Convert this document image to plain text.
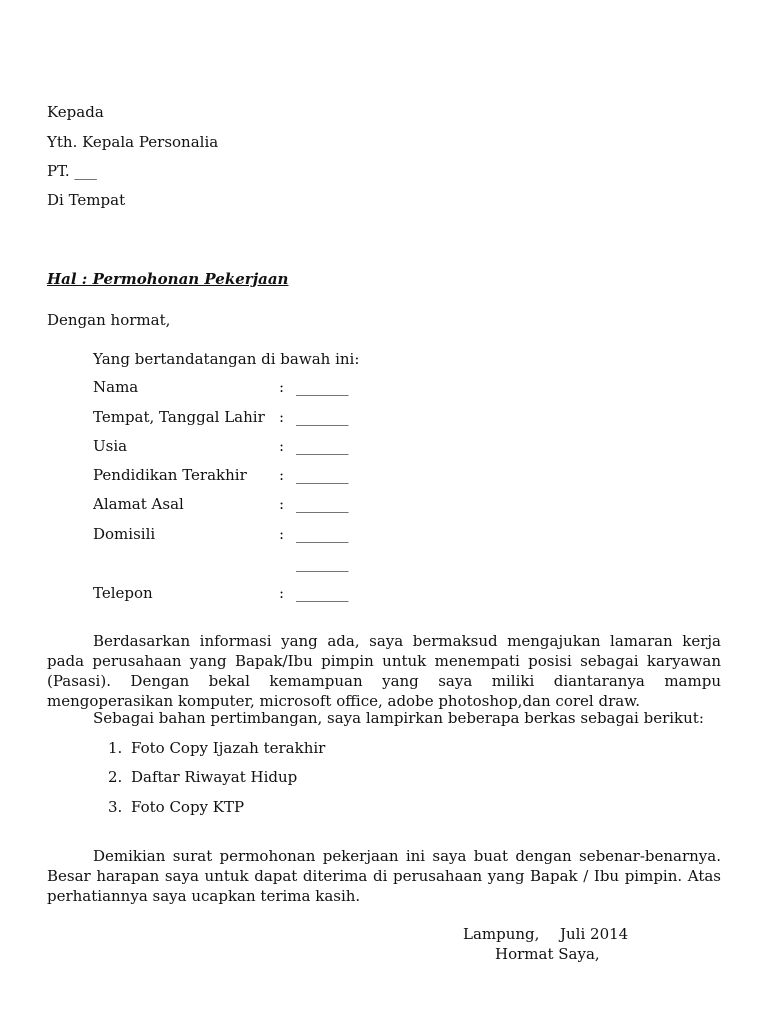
Kepada
Yth. Kepala Personalia
PT. ___
Di Tempat
Hal : Permohonan Pekerjaan
Dengan hormat,
Yang bertandatangan di bawah ini:
Nama	: _______
Tempat, Tanggal Lahir : _______
Usia	: _______
Pendidikan Terakhir : _______
Alamat Asal	: _______
Domisili	: _______
_______
Telepon	: _______

Berdasarkan informasi yang ada, saya bermaksud mengajukan lamaran kerja pada perusahaan yang Bapak/Ibu pimpin untuk menempati posisi sebagai karyawan (Pasasi). Dengan bekal kemampuan yang saya miliki diantaranya mampu mengoperasikan komputer, microsoft office, adobe photoshop,dan corel draw.

Sebagai bahan pertimbangan, saya lampirkan beberapa berkas sebagai berikut:
1. Foto Copy Ijazah terakhir
2. Daftar Riwayat Hidup
3. Foto Copy KTP

Demikian surat permohonan pekerjaan ini saya buat dengan sebenar-benarnya. Besar harapan saya untuk dapat diterima di perusahaan yang Bapak / Ibu pimpin. Atas perhatiannya saya ucapkan terima kasih.

Lampung, Juli 2014
Hormat Saya,
